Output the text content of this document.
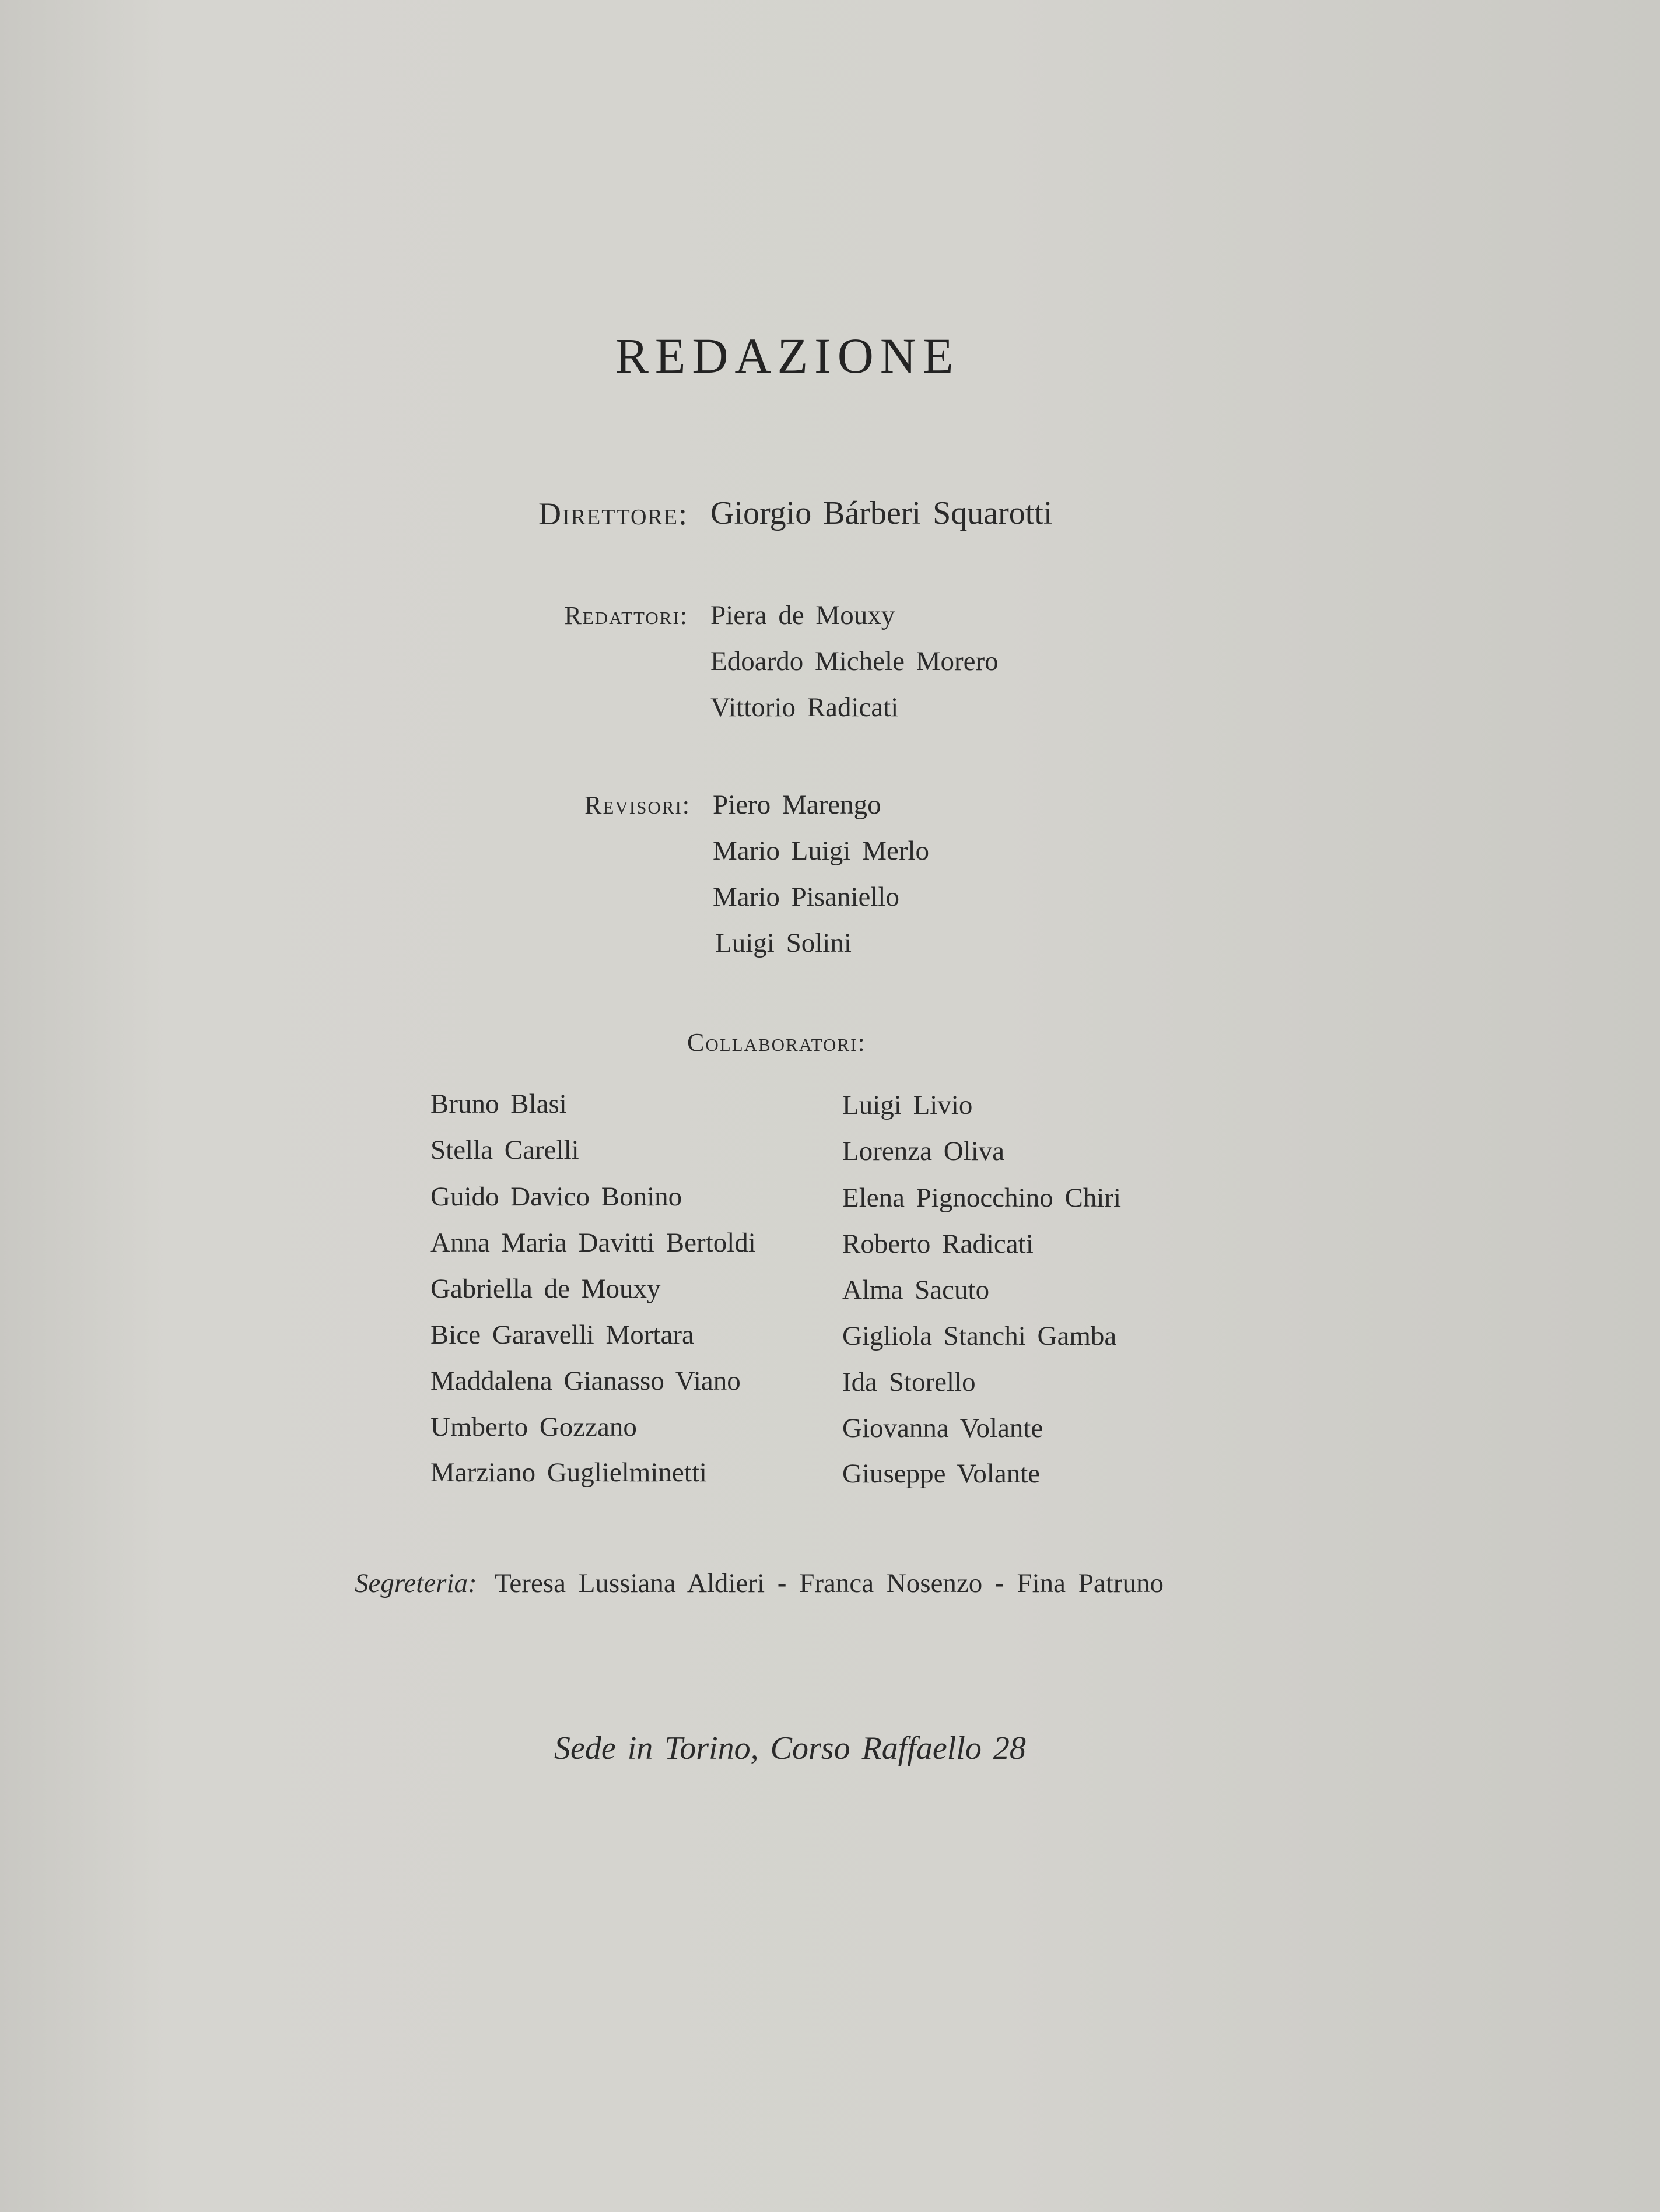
REDAZIONE
Direttore: Giorgio Bárberi Squarotti
Redattori: Piera de Mouxy
Edoardo Michele Morero
Vittorio Radicati
Revisori: Piero Marengo
Mario Luigi Merlo
Mario Pisaniello
Luigi Solini
Collaboratori:
Bruno Blasi
Stella Carelli
Guido Davico Bonino
Anna Maria Davitti Bertoldi
Gabriella de Mouxy
Bice Garavelli Mortara
Maddalena Gianasso Viano
Umberto Gozzano
Marziano Guglielminetti
Luigi Livio
Lorenza Oliva
Elena Pignocchino Chiri
Roberto Radicati
Alma Sacuto
Gigliola Stanchi Gamba
Ida Storello
Giovanna Volante
Giuseppe Volante
Segreteria: Teresa Lussiana Aldieri - Franca Nosenzo - Fina Patruno
Sede in Torino, Corso Raffaello 28
